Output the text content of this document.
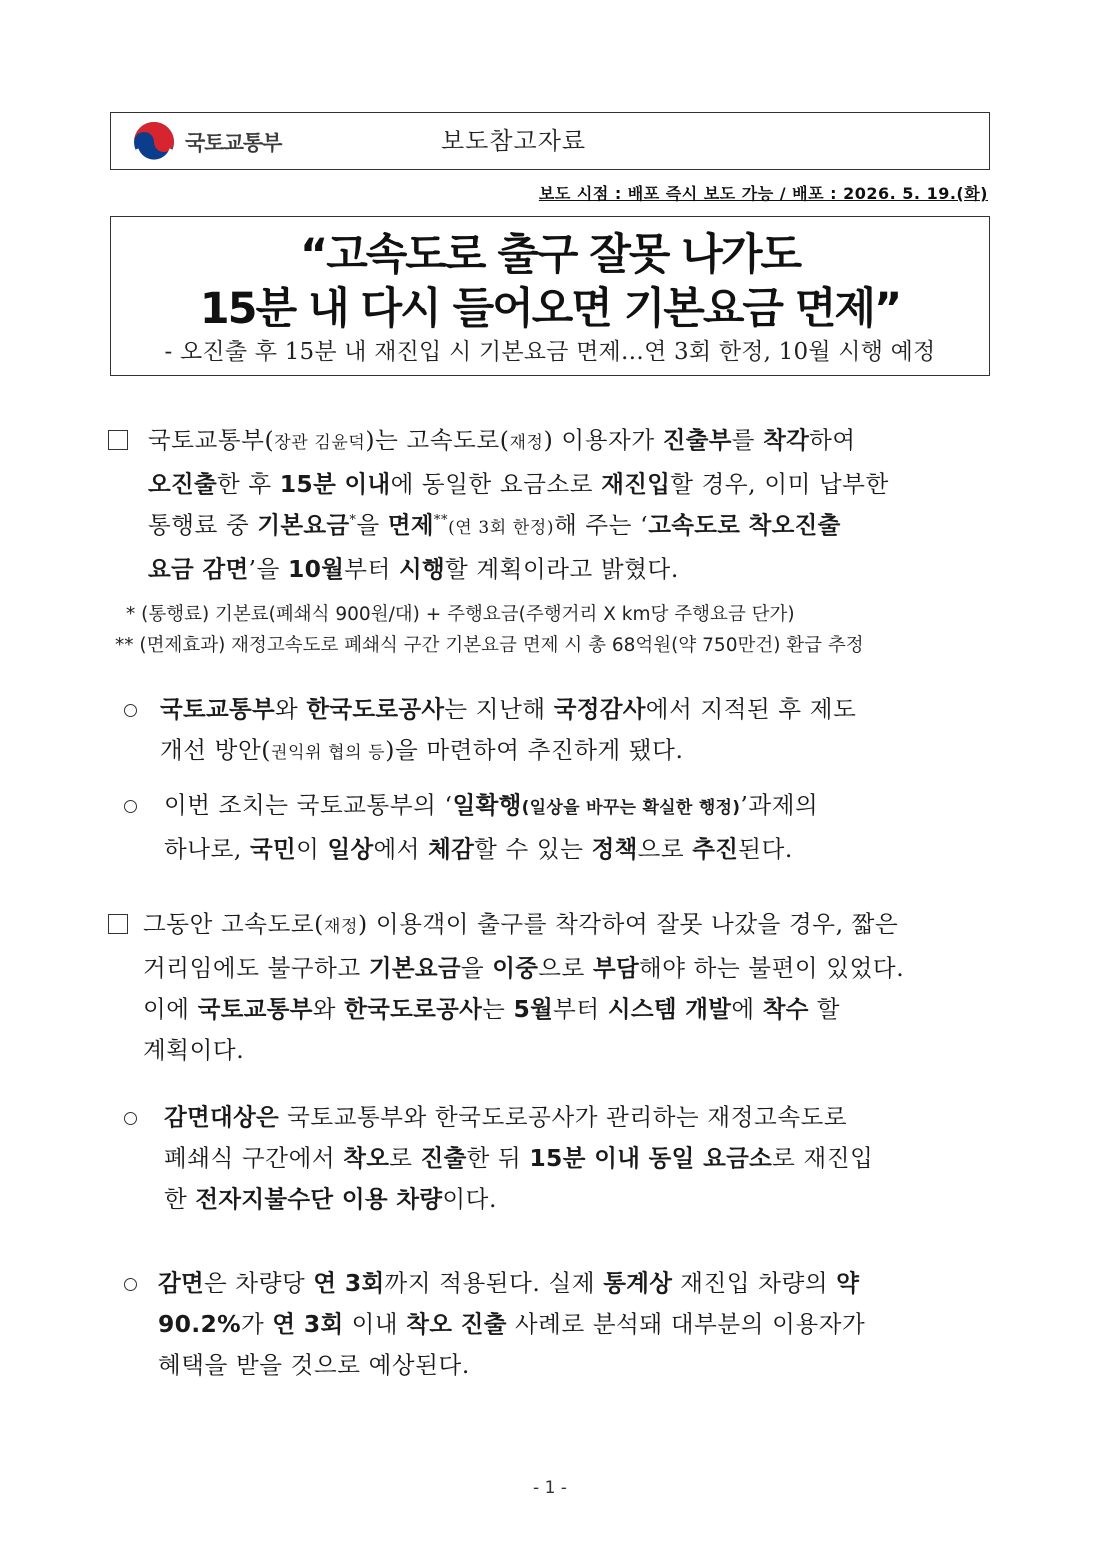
국토교통부	보도참고자료
보도 시점 : 배포 즉시 보도 가능 / 배포 : 2026. 5. 19.(화)
“고속도로 출구 잘못 나가도
15분 내 다시 들어오면 기본요금 면제”
- 오진출 후 15분 내 재진입 시 기본요금 면제…연 3회 한정, 10월 시행 예정
국토교통부(장관 김윤덕)는 고속도로(재정) 이용자가 진출부를 착각하여
오진출한 후 15분 이내에 동일한 요금소로 재진입할 경우, 이미 납부한
통행료 중 기본요금*을 면제**(연 3회 한정)해 주는 ‘고속도로 착오진출
요금 감면’을 10월부터 시행할 계획이라고 밝혔다.
* (통행료) 기본료(폐쇄식 900원/대) + 주행요금(주행거리 X km당 주행요금 단가)
** (면제효과) 재정고속도로 폐쇄식 구간 기본요금 면제 시 총 68억원(약 750만건) 환급 추정
국토교통부와 한국도로공사는 지난해 국정감사에서 지적된 후 제도
개선 방안(권익위 협의 등)을 마련하여 추진하게 됐다.
이번 조치는 국토교통부의 ‘일확행(일상을 바꾸는 확실한 행정)’과제의
하나로, 국민이 일상에서 체감할 수 있는 정책으로 추진된다.
그동안 고속도로(재정) 이용객이 출구를 착각하여 잘못 나갔을 경우, 짧은
거리임에도 불구하고 기본요금을 이중으로 부담해야 하는 불편이 있었다.
이에 국토교통부와 한국도로공사는 5월부터 시스템 개발에 착수 할
계획이다.
감면대상은 국토교통부와 한국도로공사가 관리하는 재정고속도로
폐쇄식 구간에서 착오로 진출한 뒤 15분 이내 동일 요금소로 재진입
한 전자지불수단 이용 차량이다.
감면은 차량당 연 3회까지 적용된다. 실제 통계상 재진입 차량의 약
90.2%가 연 3회 이내 착오 진출 사례로 분석돼 대부분의 이용자가
혜택을 받을 것으로 예상된다.
- 1 -
